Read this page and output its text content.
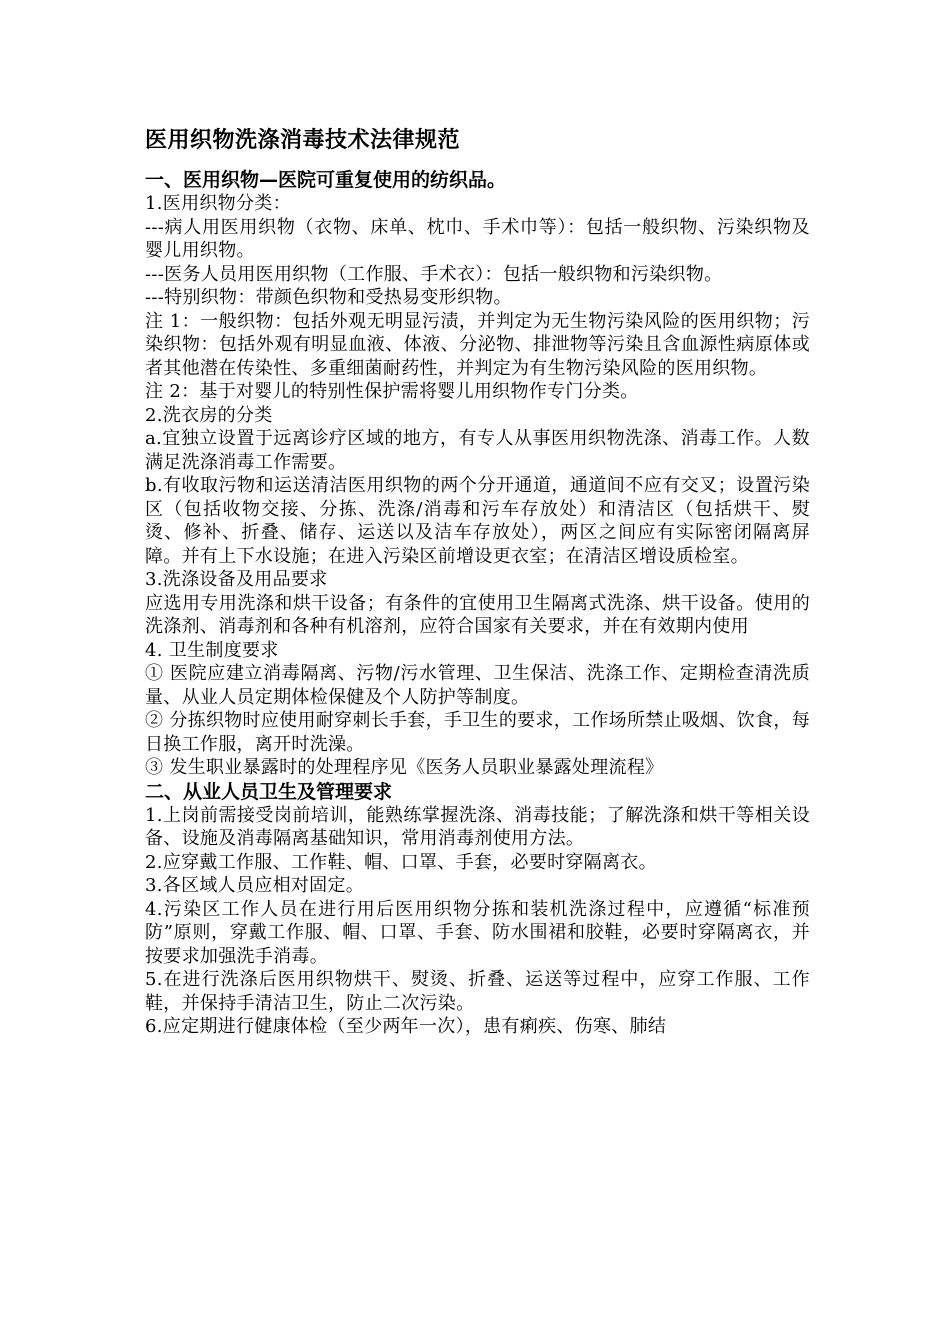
医用织物洗涤消毒技术法律规范
一、医用织物—医院可重复使用的纺织品。

1.医用织物分类：

---病人用医用织物（衣物、床单、枕巾、手术巾等）：包括一般织物、污染织物及婴儿用织物。

---医务人员用医用织物（工作服、手术衣）：包括一般织物和污染织物。

---特别织物：带颜色织物和受热易变形织物。

注 1：一般织物：包括外观无明显污渍，并判定为无生物污染风险的医用织物；污染织物：包括外观有明显血液、体液、分泌物、排泄物等污染且含血源性病原体或者其他潜在传染性、多重细菌耐药性，并判定为有生物污染风险的医用织物。

注 2：基于对婴儿的特别性保护需将婴儿用织物作专门分类。

2.洗衣房的分类

a.宜独立设置于远离诊疗区域的地方，有专人从事医用织物洗涤、消毒工作。人数满足洗涤消毒工作需要。

b.有收取污物和运送清洁医用织物的两个分开通道，通道间不应有交叉；设置污染区（包括收物交接、分拣、洗涤/消毒和污车存放处）和清洁区（包括烘干、熨烫、修补、折叠、储存、运送以及洁车存放处），两区之间应有实际密闭隔离屏障。并有上下水设施；在进入污染区前增设更衣室；在清洁区增设质检室。

3.洗涤设备及用品要求

应选用专用洗涤和烘干设备；有条件的宜使用卫生隔离式洗涤、烘干设备。使用的洗涤剂、消毒剂和各种有机溶剂，应符合国家有关要求，并在有效期内使用

4. 卫生制度要求

① 医院应建立消毒隔离、污物/污水管理、卫生保洁、洗涤工作、定期检查清洗质量、从业人员定期体检保健及个人防护等制度。

② 分拣织物时应使用耐穿刺长手套，手卫生的要求，工作场所禁止吸烟、饮食，每日换工作服，离开时洗澡。

③ 发生职业暴露时的处理程序见《医务人员职业暴露处理流程》

二、从业人员卫生及管理要求

1.上岗前需接受岗前培训，能熟练掌握洗涤、消毒技能；了解洗涤和烘干等相关设备、设施及消毒隔离基础知识，常用消毒剂使用方法。

2.应穿戴工作服、工作鞋、帽、口罩、手套，必要时穿隔离衣。

3.各区域人员应相对固定。

4.污染区工作人员在进行用后医用织物分拣和装机洗涤过程中，应遵循“标准预防”原则，穿戴工作服、帽、口罩、手套、防水围裙和胶鞋，必要时穿隔离衣，并按要求加强洗手消毒。

5.在进行洗涤后医用织物烘干、熨烫、折叠、运送等过程中，应穿工作服、工作鞋，并保持手清洁卫生，防止二次污染。

6.应定期进行健康体检（至少两年一次），患有痢疾、伤寒、肺结
